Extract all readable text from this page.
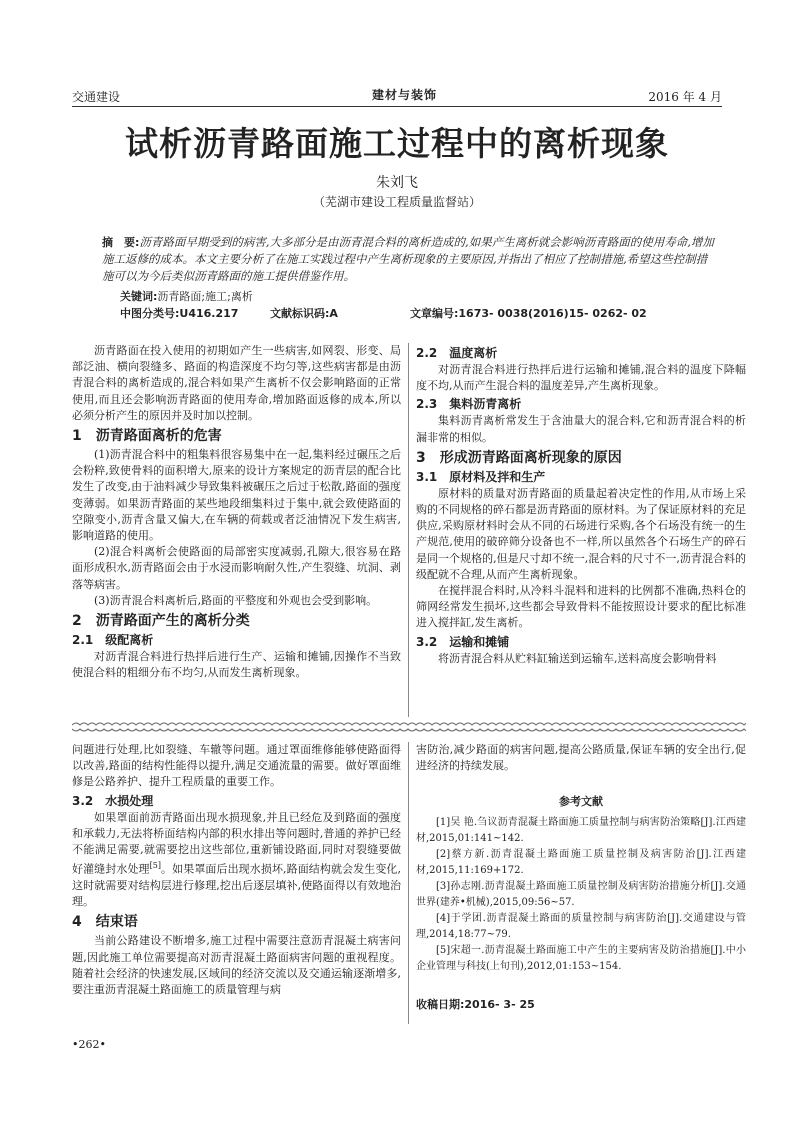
交通建设	建材与装饰	2016 年 4 月
试析沥青路面施工过程中的离析现象
朱刘飞
（芜湖市建设工程质量监督站）
摘　要:沥青路面早期受到的病害,大多部分是由沥青混合料的离析造成的,如果产生离析就会影响沥青路面的使用寿命,增加施工返修的成本。本文主要分析了在施工实践过程中产生离析现象的主要原因,并指出了相应了控制措施,希望这些控制措施可以为今后类似沥青路面的施工提供借鉴作用。
关键词:沥青路面;施工;离析
中图分类号:U416.217	文献标识码:A	文章编号:1673- 0038(2016)15- 0262- 02

沥青路面在投入使用的初期如产生一些病害,如网裂、形变、局部泛油、横向裂缝多、路面的构造深度不均匀等,这些病害都是由沥青混合料的离析造成的,混合料如果产生离析不仅会影响路面的正常使用,而且还会影响沥青路面的使用寿命,增加路面返修的成本,所以必须分析产生的原因并及时加以控制。

1　沥青路面离析的危害

(1)沥青混合料中的粗集料很容易集中在一起,集料经过碾压之后会粉粹,致使骨料的面积增大,原来的设计方案规定的沥青层的配合比发生了改变,由于油料减少导致集料被碾压之后过于松散,路面的强度变薄弱。如果沥青路面的某些地段细集料过于集中,就会致使路面的空隙变小,沥青含量又偏大,在车辆的荷载或者泛油情况下发生病害,影响道路的使用。

(2)混合料离析会使路面的局部密实度减弱,孔隙大,很容易在路面形成积水,沥青路面会由于水浸而影响耐久性,产生裂缝、坑洞、剥落等病害。

(3)沥青混合料离析后,路面的平整度和外观也会受到影响。

2　沥青路面产生的离析分类
2.1　级配离析

对沥青混合料进行热拌后进行生产、运输和摊铺,因操作不当致使混合料的粗细分布不均匀,从而发生离析现象。

2.2　温度离析

对沥青混合料进行热拌后进行运输和摊铺,混合料的温度下降幅度不均,从而产生混合料的温度差异,产生离析现象。

2.3　集料沥青离析

集料沥青离析常发生于含油量大的混合料,它和沥青混合料的析漏非常的相似。

3　形成沥青路面离析现象的原因
3.1　原材料及拌和生产

原材料的质量对沥青路面的质量起着决定性的作用,从市场上采购的不同规格的碎石都是沥青路面的原材料。为了保证原材料的充足供应,采购原材料时会从不同的石场进行采购,各个石场没有统一的生产规范,使用的破碎筛分设备也不一样,所以虽然各个石场生产的碎石是同一个规格的,但是尺寸却不统一,混合料的尺寸不一,沥青混合料的级配就不合理,从而产生离析现象。

在搅拌混合料时,从冷料斗混料和进料的比例都不准确,热料仓的筛网经常发生损坏,这些都会导致骨料不能按照设计要求的配比标准进入搅拌缸,发生离析。

3.2　运输和摊铺

将沥青混合料从贮料缸输送到运输车,送料高度会影响骨料

问题进行处理,比如裂缝、车辙等问题。通过罩面维修能够使路面得以改善,路面的结构性能得以提升,满足交通流量的需要。做好罩面维修是公路养护、提升工程质量的重要工作。

3.2　水损处理

如果罩面前沥青路面出现水损现象,并且已经危及到路面的强度和承载力,无法将桥面结构内部的积水排出等问题时,普通的养护已经不能满足需要,就需要挖出这些部位,重新铺设路面,同时对裂缝要做好灌缝封水处理[5]。如果罩面后出现水损坏,路面结构就会发生变化,这时就需要对结构层进行修理,挖出后逐层填补,使路面得以有效地治理。

4　结束语

当前公路建设不断增多,施工过程中需要注意沥青混凝土病害问题,因此施工单位需要提高对沥青混凝土路面病害问题的重视程度。随着社会经济的快速发展,区域间的经济交流以及交通运输逐渐增多,要注重沥青混凝土路面施工的质量管理与病

害防治,减少路面的病害问题,提高公路质量,保证车辆的安全出行,促进经济的持续发展。

参考文献

[1]吴 艳.刍议沥青混凝土路面施工质量控制与病害防治策略[J].江西建材,2015,01:141~142.

[2]蔡方新.沥青混凝土路面施工质量控制及病害防治[J].江西建材,2015,11:169+172.

[3]孙志刚.沥青混凝土路面施工质量控制及病害防治措施分析[J].交通世界(建养•机械),2015,09:56~57.

[4]于学团.沥青混凝土路面的质量控制与病害防治[J].交通建设与管理,2014,18:77~79.

[5]宋超一.沥青混凝土路面施工中产生的主要病害及防治措施[J].中小企业管理与科技(上旬刊),2012,01:153~154.

收稿日期:2016- 3- 25
•262•
